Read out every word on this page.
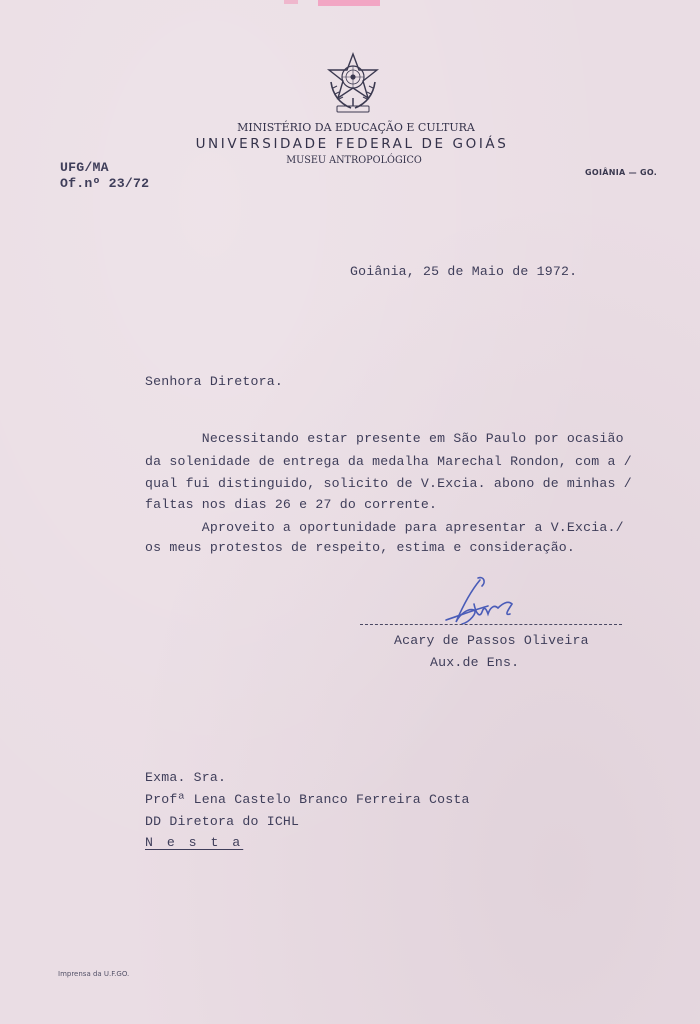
MINISTÉRIO DA EDUCAÇÃO E CULTURA
UNIVERSIDADE FEDERAL DE GOIÁS
MUSEU ANTROPOLÓGICO
UFG/MA
Of.nº 23/72
GOIÂNIA — GO.
Goiânia, 25 de Maio de 1972.
Senhora Diretora.
Necessitando estar presente em São Paulo por ocasião
da solenidade de entrega da medalha Marechal Rondon, com a /
qual fui distinguido, solicito de V.Excia. abono de minhas /
faltas nos dias 26 e 27 do corrente.
Aproveito a oportunidade para apresentar a V.Excia./
os meus protestos de respeito, estima e consideração.
Acary de Passos Oliveira
Aux.de Ens.
Exma. Sra.
Profª Lena Castelo Branco Ferreira Costa
DD Diretora do ICHL
N e s t a
Imprensa da U.F.GO.
